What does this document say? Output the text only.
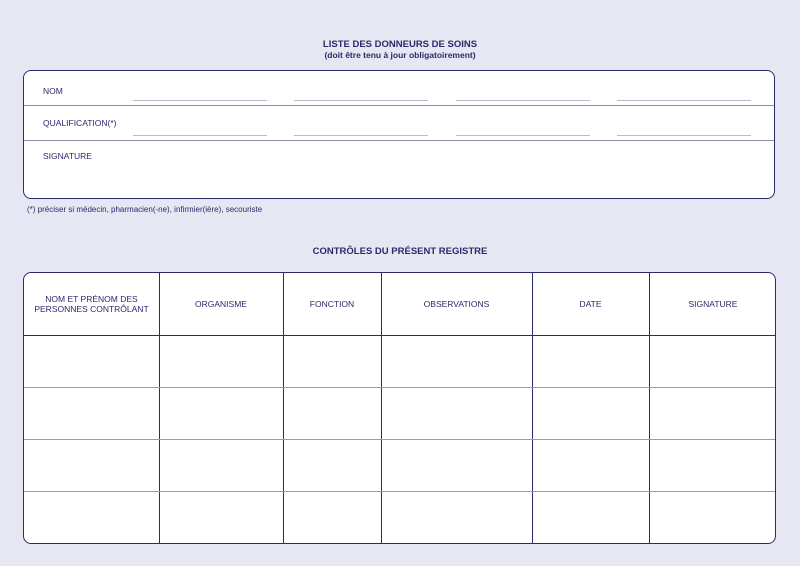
LISTE DES DONNEURS DE SOINS
(doit être tenu à jour obligatoirement)
NOM
QUALIFICATION(*)
SIGNATURE
(*) préciser si médecin, pharmacien(-ne), infirmier(ière), secouriste
CONTRÔLES DU PRÉSENT REGISTRE
NOM ET PRÉNOM DES PERSONNES CONTRÔLANT	ORGANISME	FONCTION	OBSERVATIONS	DATE	SIGNATURE
